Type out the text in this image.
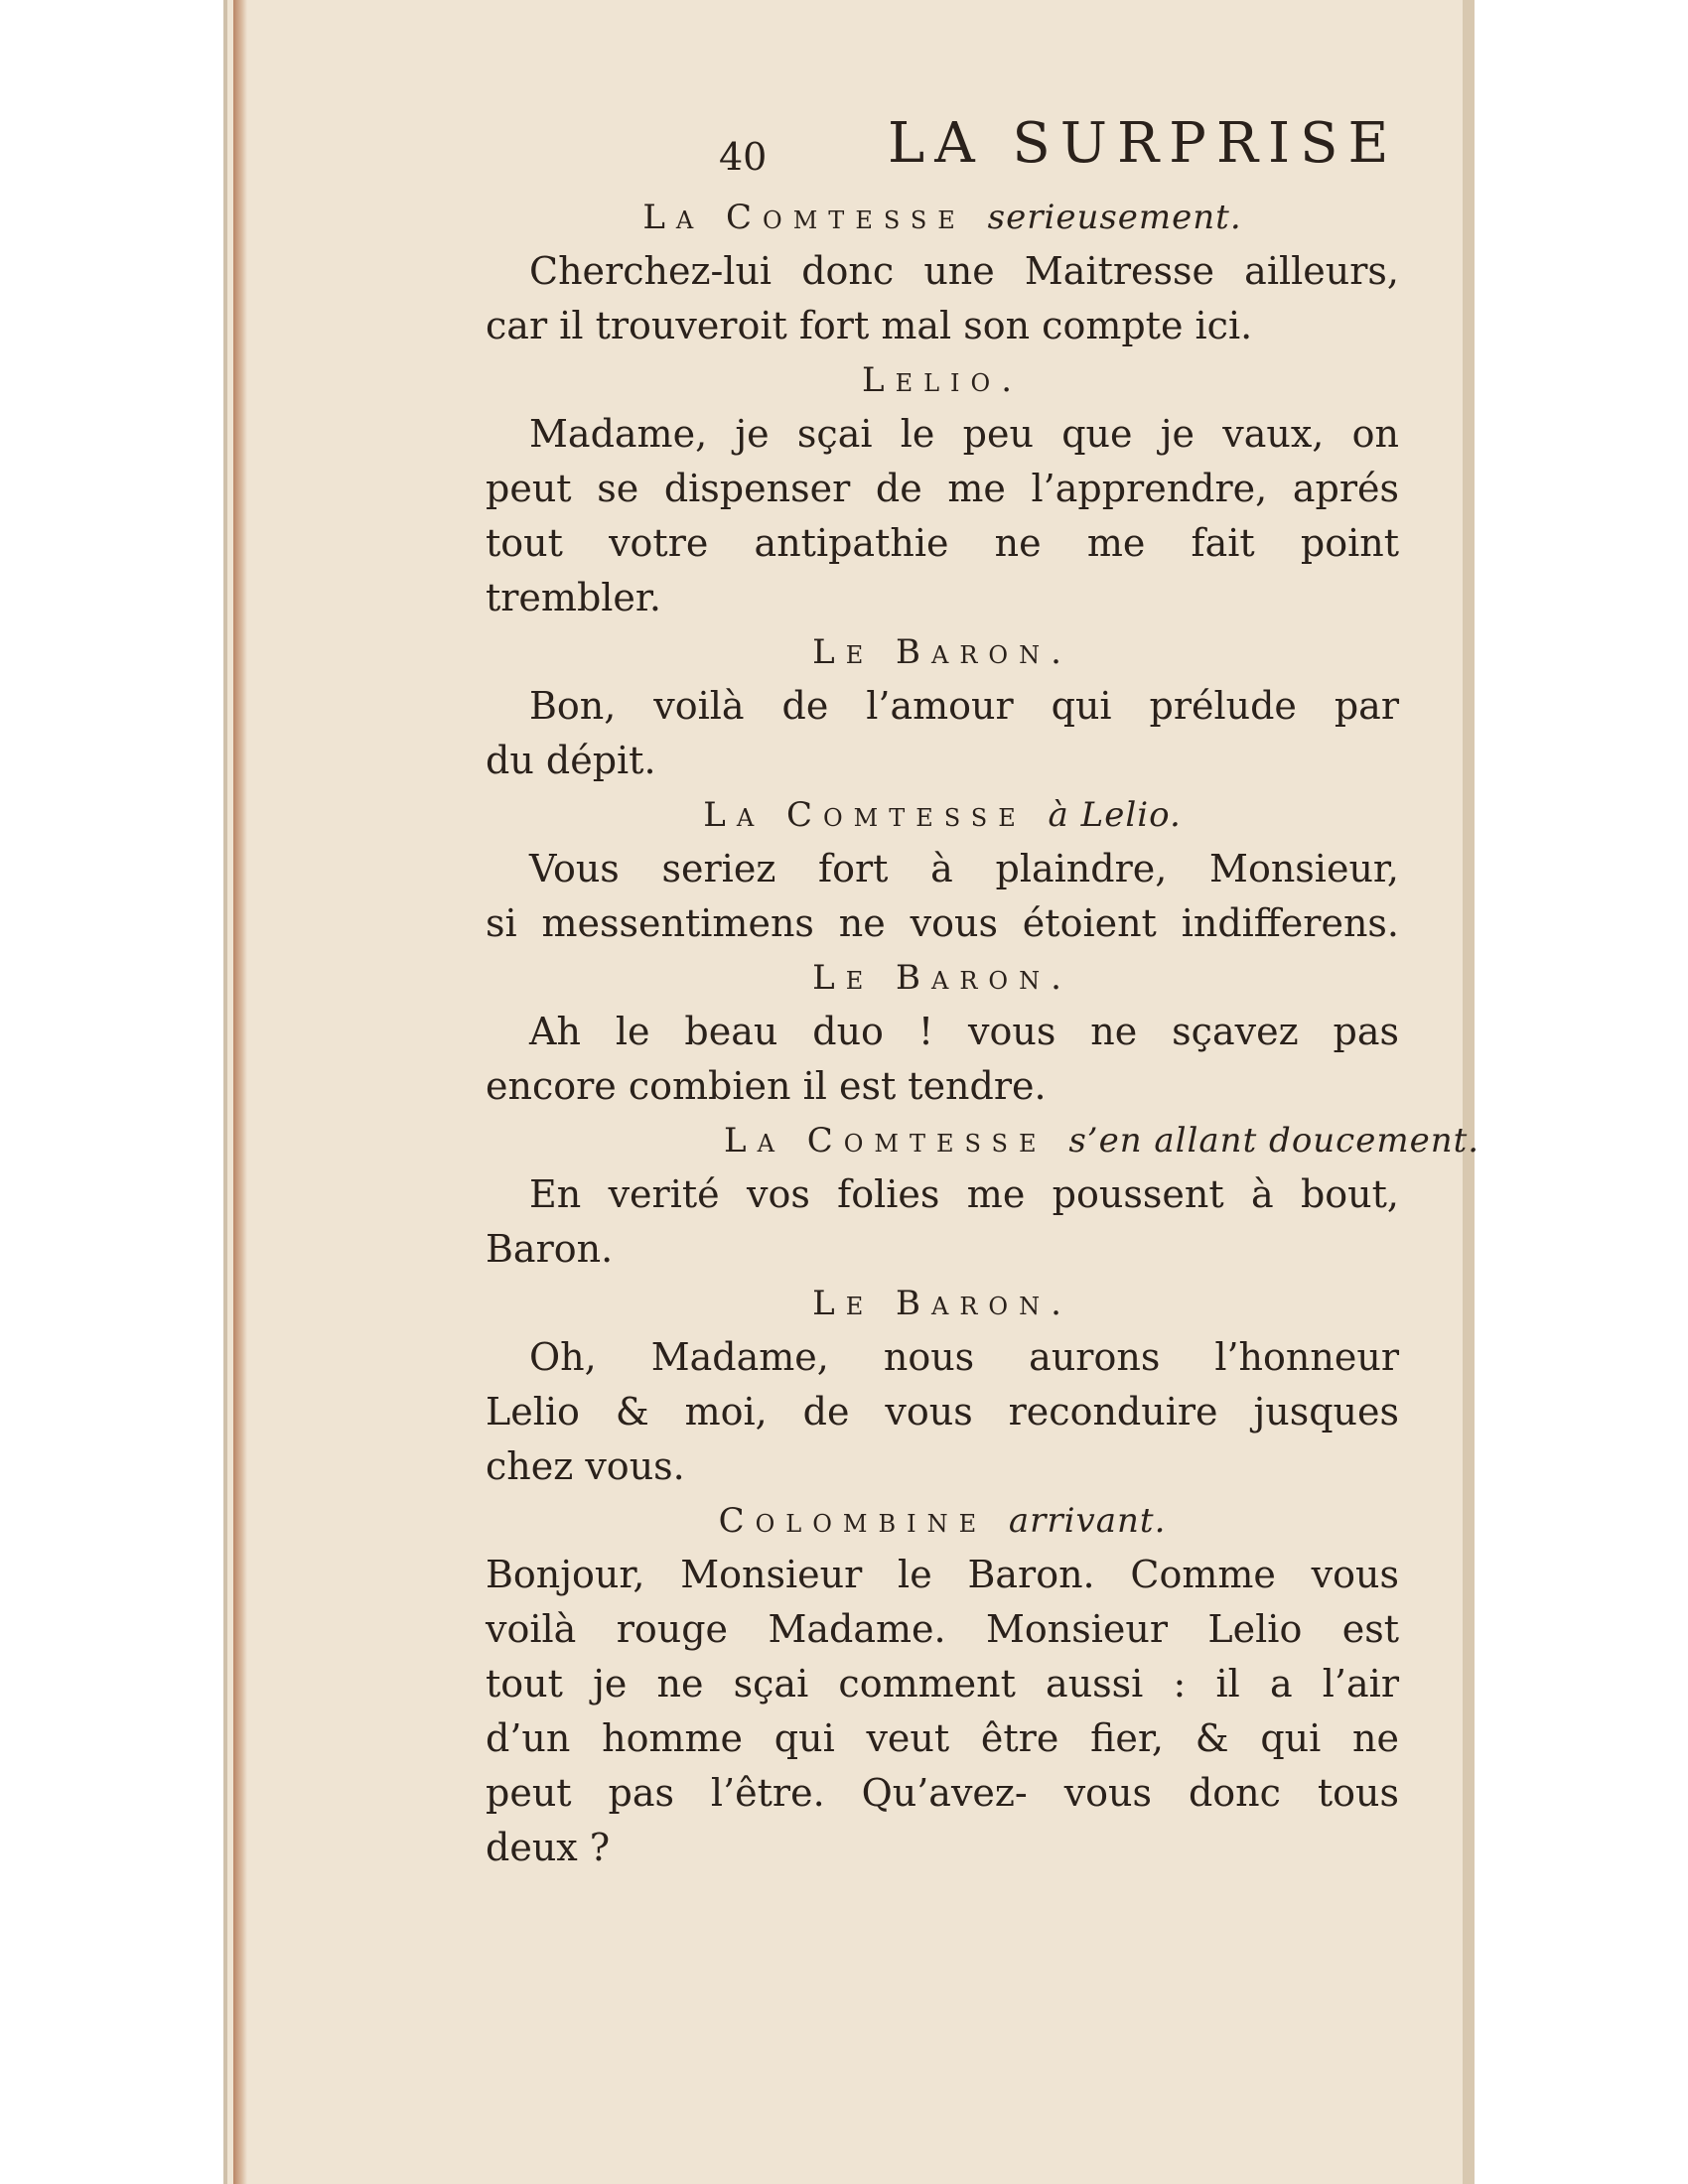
40 LA SURPRISE
La Comtesse serieusement.
Cherchez-lui donc une Maitresse ailleurs,
car il trouveroit fort mal son compte ici.
Lelio.
Madame, je sçai le peu que je vaux, on
peut se dispenser de me l’apprendre, aprés
tout votre antipathie ne me fait point
trembler.
Le Baron.
Bon, voilà de l’amour qui prélude par
du dépit.
La Comtesse à Lelio.
Vous seriez fort à plaindre, Monsieur,
si messentimens ne vous étoient indifferens.
Le Baron.
Ah le beau duo ! vous ne sçavez pas
encore combien il est tendre.
La Comtesse s’en allant doucement.
En verité vos folies me poussent à bout,
Baron.
Le Baron.
Oh, Madame, nous aurons l’honneur
Lelio & moi, de vous reconduire jusques
chez vous.
Colombine arrivant.
Bonjour, Monsieur le Baron. Comme vous
voilà rouge Madame. Monsieur Lelio est
tout je ne sçai comment aussi : il a l’air
d’un homme qui veut être fier, & qui ne
peut pas l’être. Qu’avez- vous donc tous
deux ?
